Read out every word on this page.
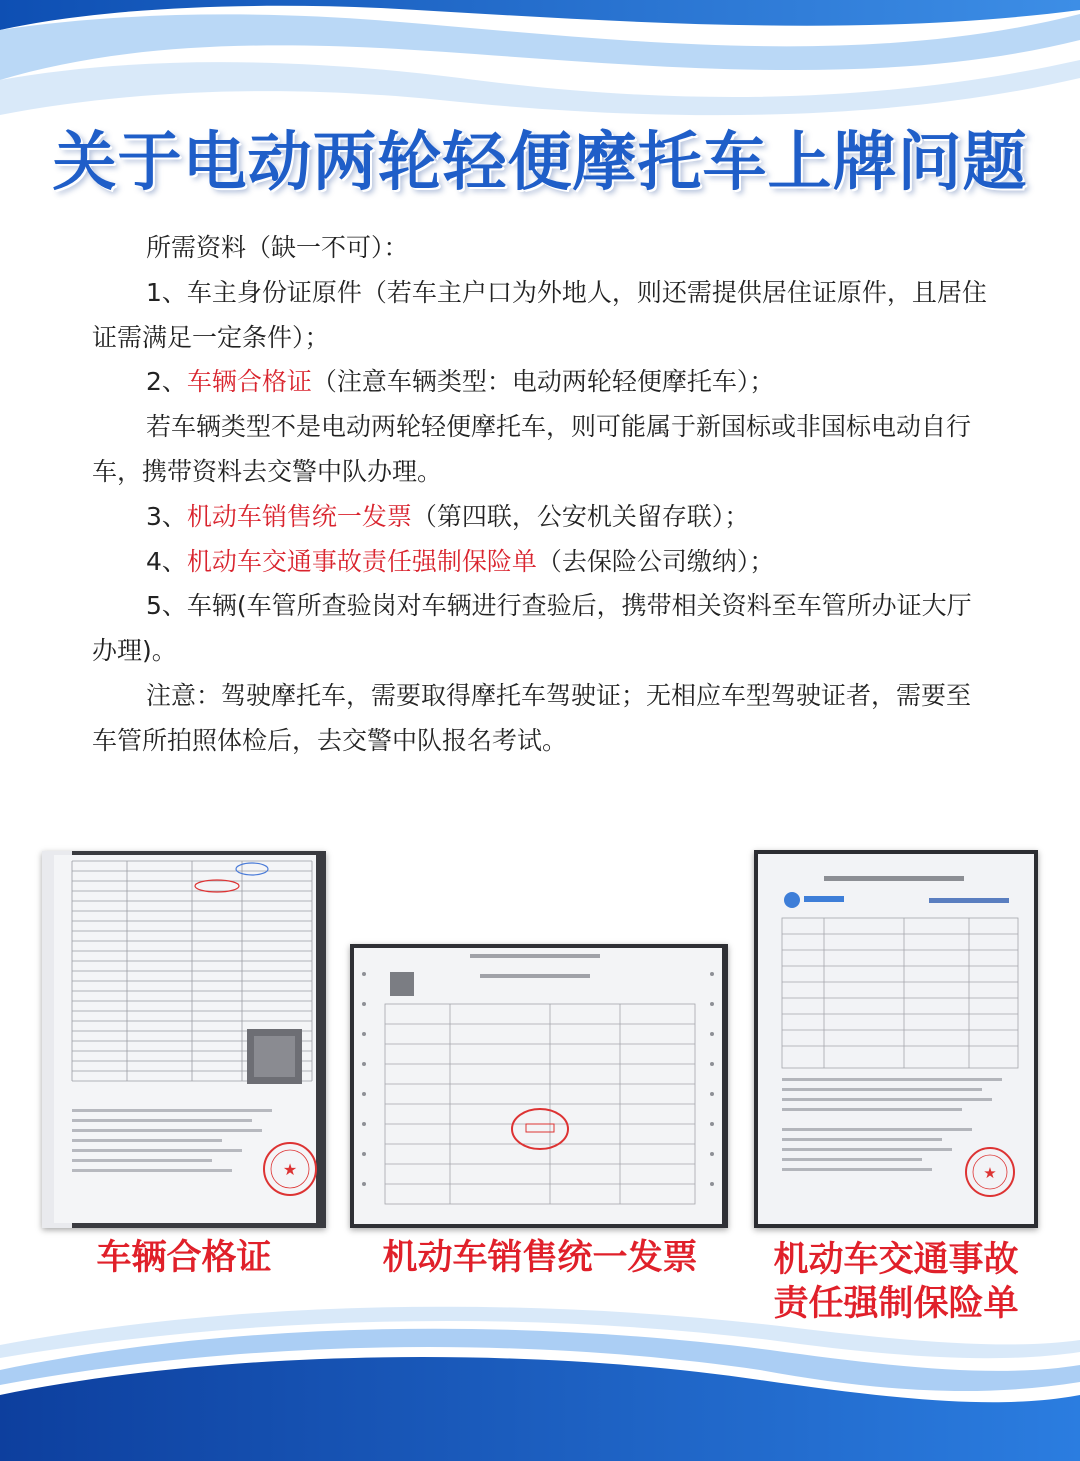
关于电动两轮轻便摩托车上牌问题

所需资料（缺一不可）：

1、车主身份证原件（若车主户口为外地人，则还需提供居住证原件，且居住证需满足一定条件）；

2、车辆合格证（注意车辆类型：电动两轮轻便摩托车）；

若车辆类型不是电动两轮轻便摩托车，则可能属于新国标或非国标电动自行车，携带资料去交警中队办理。

3、机动车销售统一发票（第四联，公安机关留存联）；

4、机动车交通事故责任强制保险单（去保险公司缴纳）；

5、车辆(车管所查验岗对车辆进行查验后，携带相关资料至车管所办证大厅办理)。

注意：驾驶摩托车，需要取得摩托车驾驶证；无相应车型驾驶证者，需要至车管所拍照体检后，去交警中队报名考试。

★	★

车辆合格证	机动车销售统一发票	机动车交通事故
责任强制保险单
